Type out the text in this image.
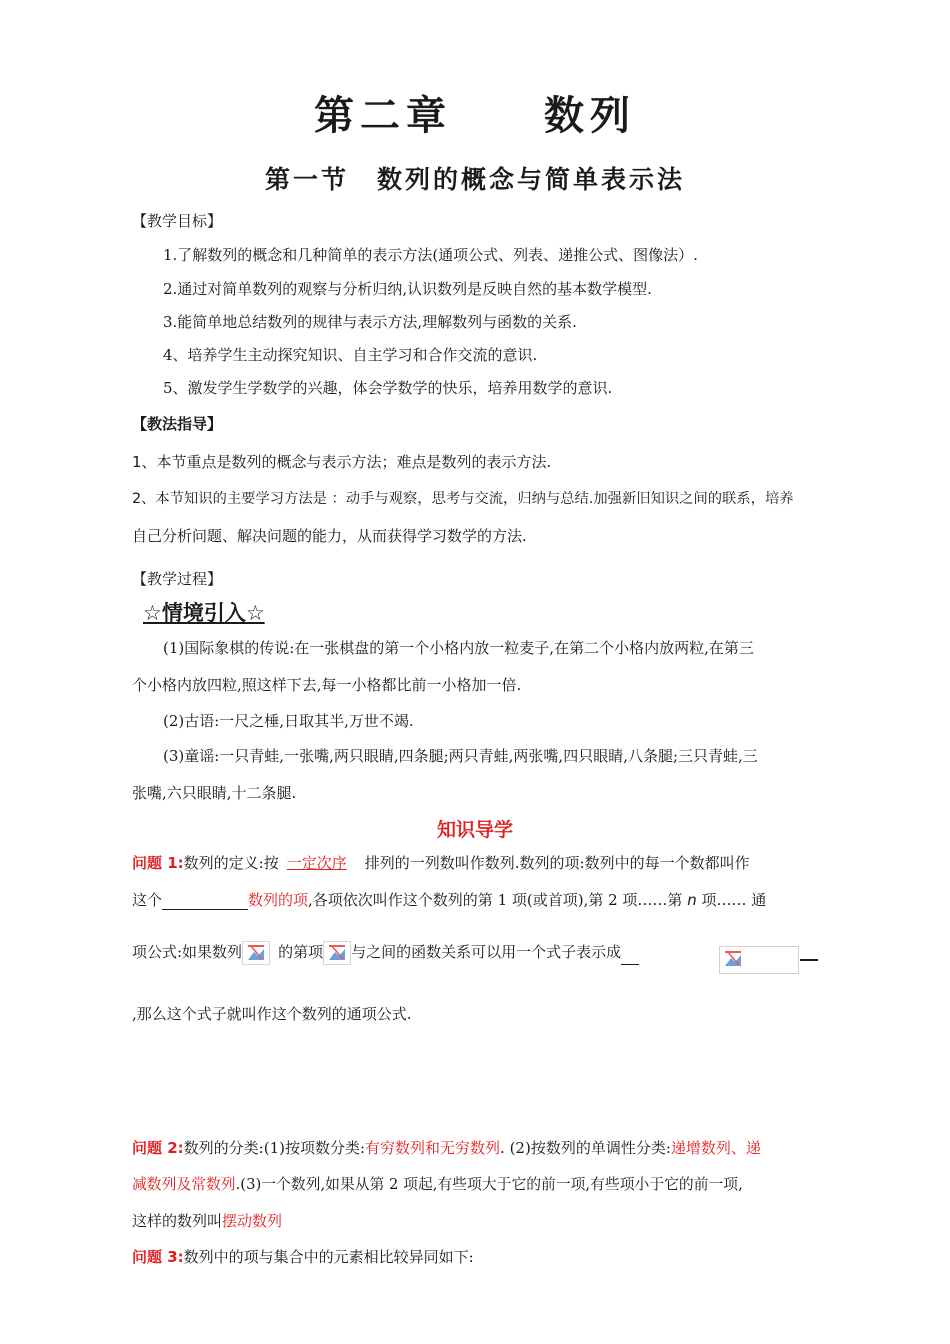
第二章　　数列
第一节　数列的概念与简单表示法
【教学目标】
1.了解数列的概念和几种简单的表示方法(通项公式、列表、递推公式、图像法）.
2.通过对简单数列的观察与分析归纳,认识数列是反映自然的基本数学模型.
3.能简单地总结数列的规律与表示方法,理解数列与函数的关系.
4、培养学生主动探究知识、自主学习和合作交流的意识.
5、激发学生学数学的兴趣，体会学数学的快乐，培养用数学的意识.
【教法指导】
1、本节重点是数列的概念与表示方法；难点是数列的表示方法.
2、本节知识的主要学习方法是 ：动手与观察，思考与交流，归纳与总结.加强新旧知识之间的联系，培养
自己分析问题、解决问题的能力，从而获得学习数学的方法.
【教学过程】
☆情境引入☆
(1)国际象棋的传说:在一张棋盘的第一个小格内放一粒麦子,在第二个小格内放两粒,在第三
个小格内放四粒,照这样下去,每一小格都比前一小格加一倍.
(2)古语:一尺之棰,日取其半,万世不竭.
(3)童谣:一只青蛙,一张嘴,两只眼睛,四条腿;两只青蛙,两张嘴,四只眼睛,八条腿;三只青蛙,三
张嘴,六只眼睛,十二条腿.
知识导学
问题 1:数列的定义:按 一定次序 排列的一列数叫作数列.数列的项:数列中的每一个数都叫作
这个	数列的项,各项依次叫作这个数列的第 1 项(或首项),第 2 项……第 n 项…… 通
项公式:如果数列 的第项 与之间的函数关系可以用一个式子表示成
,那么这个式子就叫作这个数列的通项公式.
问题 2:数列的分类:(1)按项数分类:有穷数列和无穷数列. (2)按数列的单调性分类:递增数列、递
减数列及常数列.(3)一个数列,如果从第 2 项起,有些项大于它的前一项,有些项小于它的前一项,
这样的数列叫摆动数列
问题 3:数列中的项与集合中的元素相比较异同如下:
